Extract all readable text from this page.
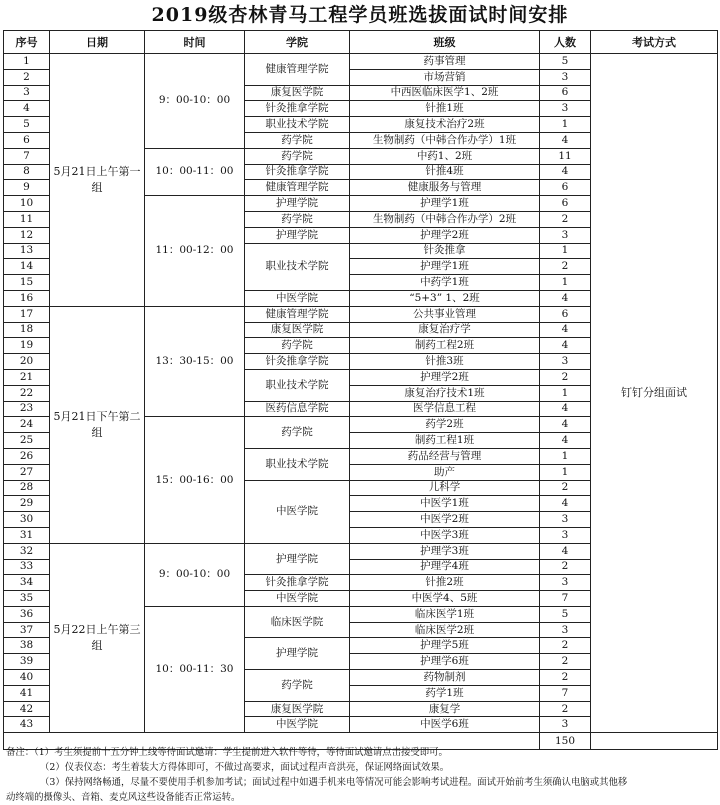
2019级杏林青马工程学员班选拔面试时间安排
序号	日期	时间	学院	班级	人数	考试方式
1	5月21日上午第一组	9：00-10：00	健康管理学院	药事管理	5	钉钉分组面试
2				市场营销	3	
3			康复医学院	中西医临床医学1、2班	6	
4			针灸推拿学院	针推1班	3	
5			职业技术学院	康复技术治疗2班	1	
6			药学院	生物制药（中韩合作办学）1班	4	
7		10：00-11：00	药学院	中药1、2班	11	
8			针灸推拿学院	针推4班	4	
9			健康管理学院	健康服务与管理	6	
10		11：00-12：00	护理学院	护理学1班	6	
11			药学院	生物制药（中韩合作办学）2班	2	
12			护理学院	护理学2班	3	
13			职业技术学院	针灸推拿	1	
14				护理学1班	2	
15				中药学1班	1	
16			中医学院	“5+3” 1、2班	4	
17	5月21日下午第二组	13：30-15：00	健康管理学院	公共事业管理	6	
18			康复医学院	康复治疗学	4	
19			药学院	制药工程2班	4	
20			针灸推拿学院	针推3班	3	
21			职业技术学院	护理学2班	2	
22				康复治疗技术1班	1	
23			医药信息学院	医学信息工程	4	
24		15：00-16：00	药学院	药学2班	4	
25				制药工程1班	4	
26			职业技术学院	药品经营与管理	1	
27				助产	1	
28			中医学院	儿科学	2	
29				中医学1班	4	
30				中医学2班	3	
31				中医学3班	3	
32	5月22日上午第三组	9：00-10：00	护理学院	护理学3班	4	
33				护理学4班	2	
34			针灸推拿学院	针推2班	3	
35			中医学院	中医学4、5班	7	
36		10：00-11：30	临床医学院	临床医学1班	5	
37				临床医学2班	3	
38			护理学院	护理学5班	2	
39				护理学6班	2	
40			药学院	药物制剂	2	
41				药学1班	7	
42			康复医学院	康复学	2	
43			中医学院	中医学6班	3	
					150	

备注：（1）考生须提前十五分钟上线等待面试邀请：学生提前进入软件等待，等待面试邀请点击接受即可。

（2）仪表仪态：考生着装大方得体即可，不做过高要求，面试过程声音洪亮，保证网络面试效果。

（3）保持网络畅通，尽量不要使用手机参加考试；面试过程中如遇手机来电等情况可能会影响考试进程。面试开始前考生须确认电脑或其他移

动终端的摄像头、音箱、麦克风这些设备能否正常运转。
